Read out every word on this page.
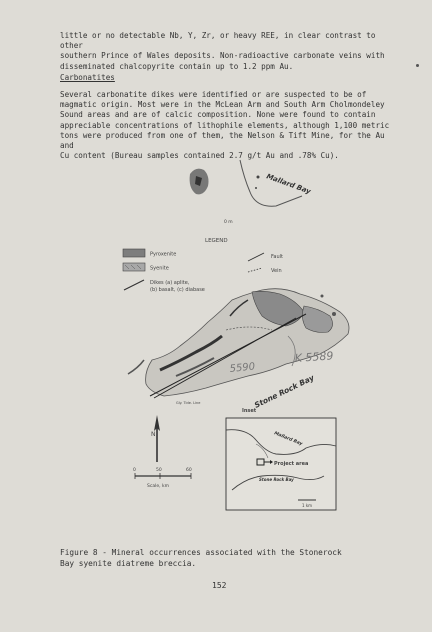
little or no detectable Nb, Y, Zr, or heavy REE, in clear contrast to other
southern Prince of Wales deposits. Non-radioactive carbonate veins with
disseminated chalcopyrite contain up to 1.2 ppm Au.
Carbonatites
Several carbonatite dikes were identified or are suspected to be of
magmatic origin. Most were in the McLean Arm and South Arm Cholmondeley
Sound areas and are of calcic composition. None were found to contain
appreciable concentrations of lithophile elements, although 1,100 metric
tons were produced from one of them, the Nelson & Tift Mine, for the Au and
Cu content (Bureau samples contained 2.7 g/t Au and .78% Cu).
Mallard Bay
0 m
LEGEND
Pyroxenite
Syenite
Dikes (a) aplite,
(b) basalt, (c) diabase
Fault
Vein
K 5589
5590
Stone Rock Bay
Gly. Tide. Line
N
0	50	60
Scale, km
Inset
Mallard Bay
Project area
Stone Rock Bay
1 km
Figure 8 - Mineral occurrences associated with the Stonerock
Bay syenite diatreme breccia.
152
